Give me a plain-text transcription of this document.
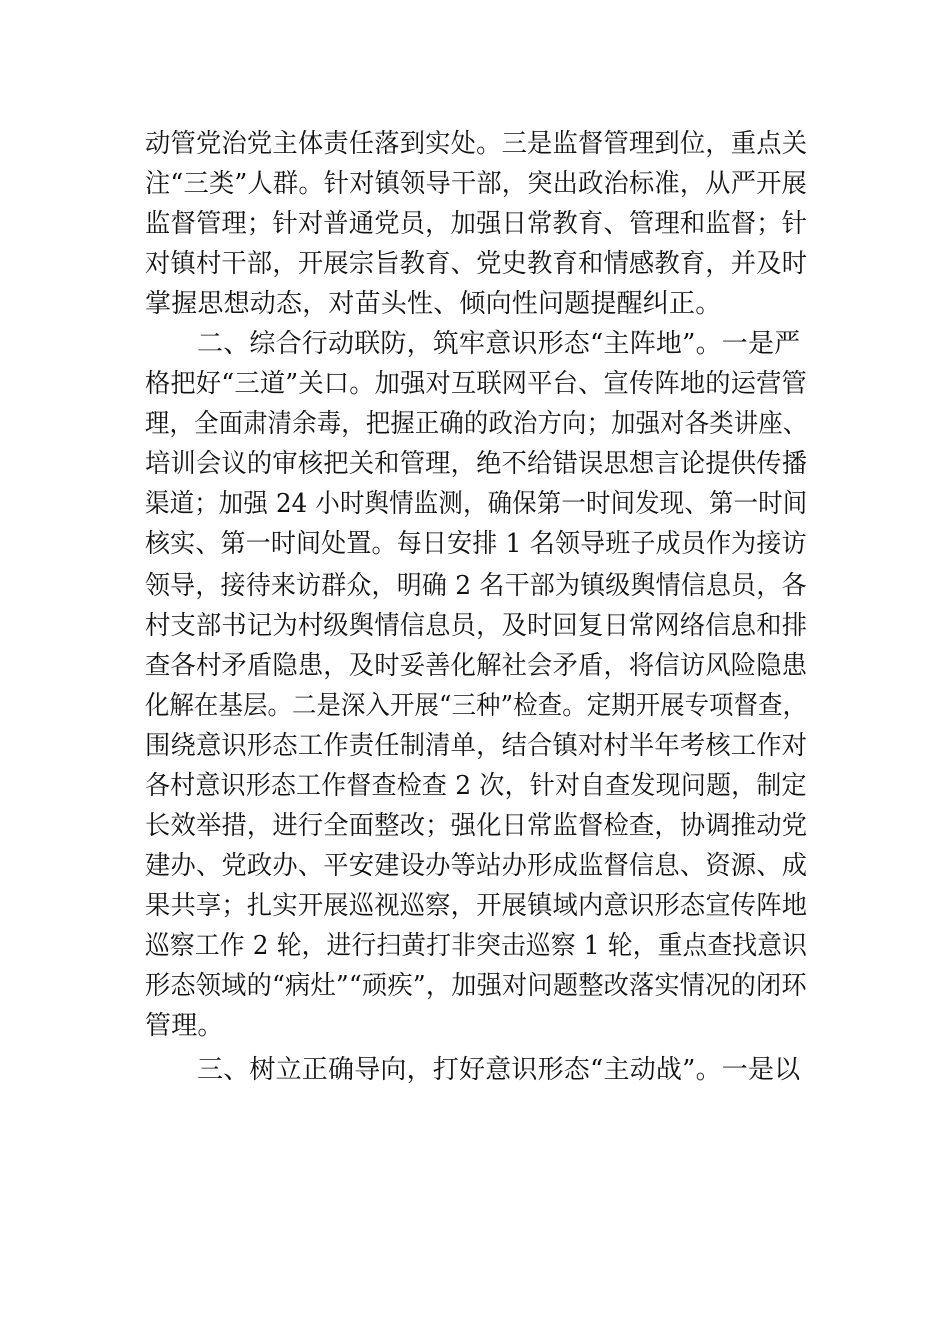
动管党治党主体责任落到实处。三是监督管理到位，重点关
注“三类”人群。针对镇领导干部，突出政治标准，从严开展
监督管理；针对普通党员，加强日常教育、管理和监督；针
对镇村干部，开展宗旨教育、党史教育和情感教育，并及时
掌握思想动态，对苗头性、倾向性问题提醒纠正。
二、综合行动联防，筑牢意识形态“主阵地”。一是严
格把好“三道”关口。加强对互联网平台、宣传阵地的运营管
理，全面肃清余毒，把握正确的政治方向；加强对各类讲座、
培训会议的审核把关和管理，绝不给错误思想言论提供传播
渠道；加强 24 小时舆情监测，确保第一时间发现、第一时间
核实、第一时间处置。每日安排 1 名领导班子成员作为接访
领导，接待来访群众，明确 2 名干部为镇级舆情信息员，各
村支部书记为村级舆情信息员，及时回复日常网络信息和排
查各村矛盾隐患，及时妥善化解社会矛盾，将信访风险隐患
化解在基层。二是深入开展“三种”检查。定期开展专项督查，
围绕意识形态工作责任制清单，结合镇对村半年考核工作对
各村意识形态工作督查检查 2 次，针对自查发现问题，制定
长效举措，进行全面整改；强化日常监督检查，协调推动党
建办、党政办、平安建设办等站办形成监督信息、资源、成
果共享；扎实开展巡视巡察，开展镇域内意识形态宣传阵地
巡察工作 2 轮，进行扫黄打非突击巡察 1 轮，重点查找意识
形态领域的“病灶”“顽疾”，加强对问题整改落实情况的闭环
管理。
三、树立正确导向，打好意识形态“主动战”。一是以
